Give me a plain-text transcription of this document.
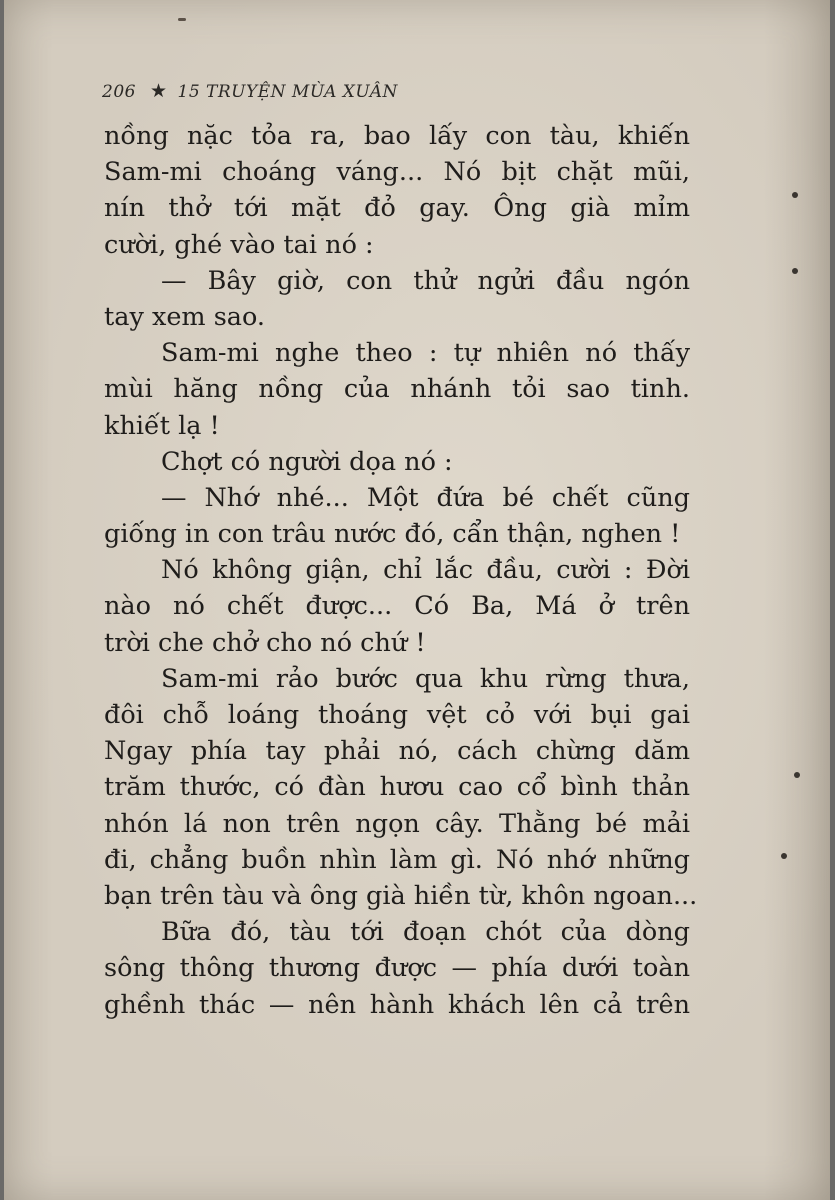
206 ★ 15 TRUYỆN MÙA XUÂN
nồng nặc tỏa ra, bao lấy con tàu, khiến
Sam-mi choáng váng... Nó bịt chặt mũi,
nín thở tới mặt đỏ gay. Ông già mỉm
cười, ghé vào tai nó :
— Bây giờ, con thử ngửi đầu ngón
tay xem sao.
Sam-mi nghe theo : tự nhiên nó thấy
mùi hăng nồng của nhánh tỏi sao tinh.
khiết lạ !
Chợt có người dọa nó :
— Nhớ nhé... Một đứa bé chết cũng
giống in con trâu nước đó, cẩn thận, nghen !
Nó không giận, chỉ lắc đầu, cười : Đời
nào nó chết được... Có Ba, Má ở trên
trời che chở cho nó chứ !
Sam-mi rảo bước qua khu rừng thưa,
đôi chỗ loáng thoáng vệt cỏ với bụi gai
Ngay phía tay phải nó, cách chừng dăm
trăm thước, có đàn hươu cao cổ bình thản
nhón lá non trên ngọn cây. Thằng bé mải
đi, chẳng buồn nhìn làm gì. Nó nhớ những
bạn trên tàu và ông già hiền từ, khôn ngoan...
Bữa đó, tàu tới đoạn chót của dòng
sông thông thương được — phía dưới toàn
ghềnh thác — nên hành khách lên cả trên
